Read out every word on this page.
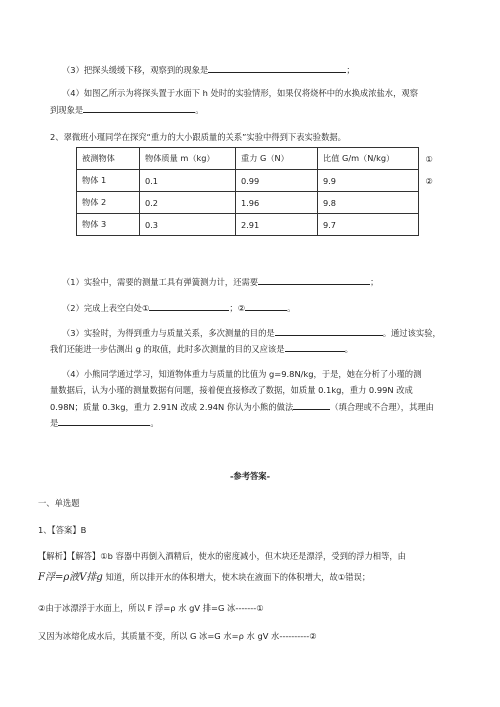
（3）把探头缓缓下移，观察到的现象是	；
（4）如图乙所示为将探头置于水面下 h 处时的实验情形，如果仅将烧杯中的水换成浓盐水，观察
到现象是	。
2、翠微班小瑾同学在探究“重力的大小跟质量的关系”实验中得到下表实验数据。
被测物体	物体质量 m（kg）	重力 G（N）	比值 G/m（N/kg）	①
物体 1	0.1	0.99	9.9	②
物体 2	0.2	1.96	9.8	
物体 3	0.3	2.91	9.7	
（1）实验中，需要的测量工具有弹簧测力计，还需要	；
（2）完成上表空白处①	；②	。
（3）实验时，为得到重力与质量关系，多次测量的目的是	。通过该实验，
我们还能进一步估测出 g 的取值，此时多次测量的目的又应该是	。
（4）小熊同学通过学习，知道物体重力与质量的比值为 g=9.8N/kg，于是，她在分析了小瑾的测
量数据后，认为小瑾的测量数据有问题，接着便直接修改了数据，如质量 0.1kg，重力 0.99N 改成
0.98N；质量 0.3kg，重力 2.91N 改成 2.94N 你认为小熊的做法	（填合理或不合理），其理由
是	。
-参考答案-
一、单选题
1、【答案】B
【解析】【解答】①b 容器中再倒入酒精后，使水的密度减小，但木块还是漂浮，受到的浮力相等，由
F浮=ρ液V排g 知道，所以排开水的体积增大，使木块在液面下的体积增大，故①错误；
②由于冰漂浮于水面上，所以 F 浮=ρ 水 gV 排=G 冰-------①
又因为冰熔化成水后，其质量不变，所以 G 冰=G 水=ρ 水 gV 水----------②
